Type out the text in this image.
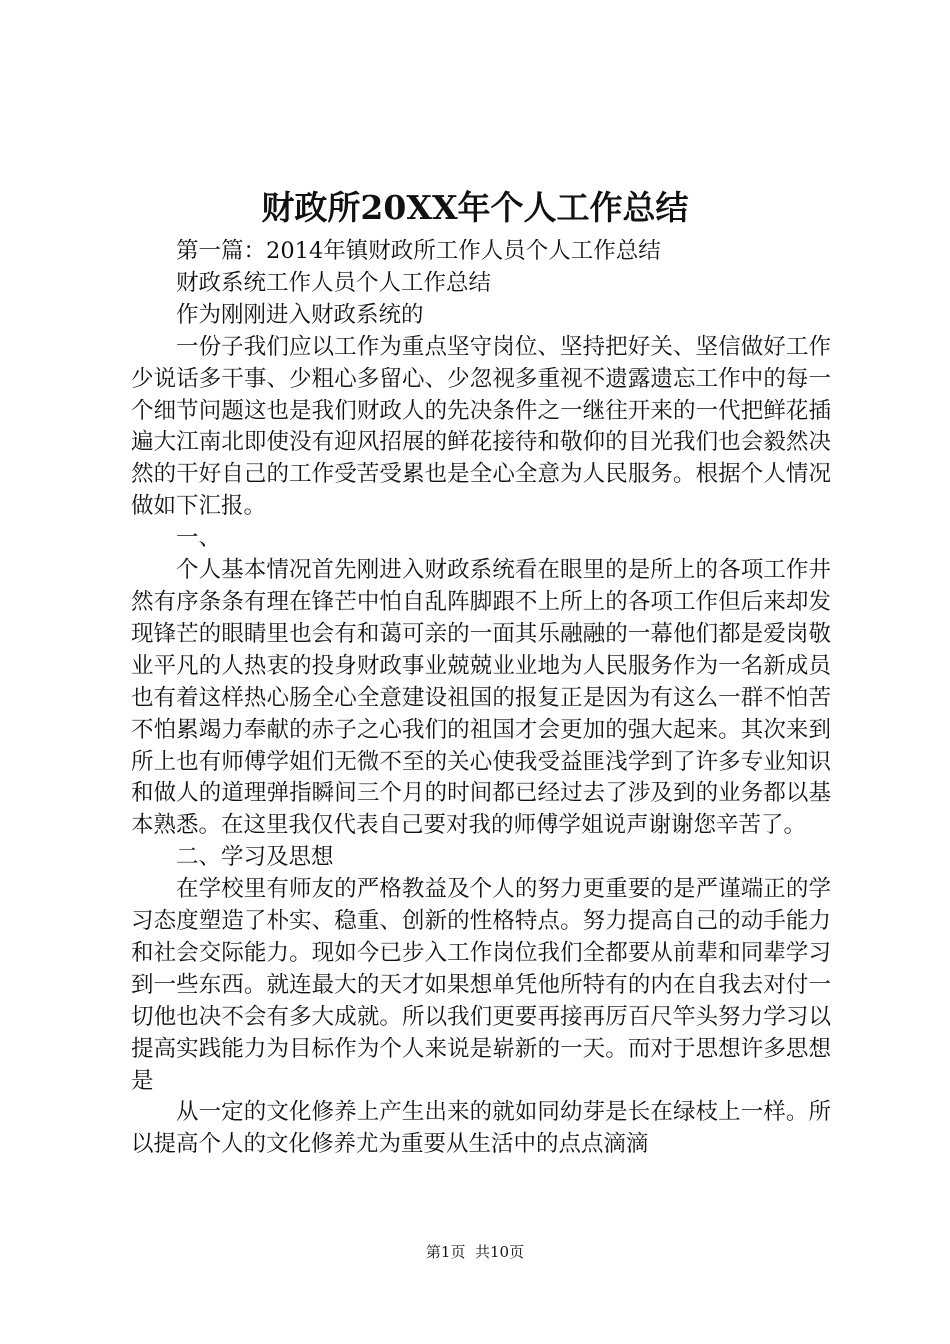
财政所20XX年个人工作总结

第一篇：2014年镇财政所工作人员个人工作总结

财政系统工作人员个人工作总结

作为刚刚进入财政系统的

一份子我们应以工作为重点坚守岗位、坚持把好关、坚信做好工作少说话多干事、少粗心多留心、少忽视多重视不遗露遗忘工作中的每一个细节问题这也是我们财政人的先决条件之一继往开来的一代把鲜花插遍大江南北即使没有迎风招展的鲜花接待和敬仰的目光我们也会毅然决然的干好自己的工作受苦受累也是全心全意为人民服务。根据个人情况做如下汇报。

一、

个人基本情况首先刚进入财政系统看在眼里的是所上的各项工作井然有序条条有理在锋芒中怕自乱阵脚跟不上所上的各项工作但后来却发现锋芒的眼睛里也会有和蔼可亲的一面其乐融融的一幕他们都是爱岗敬业平凡的人热衷的投身财政事业兢兢业业地为人民服务作为一名新成员也有着这样热心肠全心全意建设祖国的报复正是因为有这么一群不怕苦不怕累竭力奉献的赤子之心我们的祖国才会更加的强大起来。其次来到所上也有师傅学姐们无微不至的关心使我受益匪浅学到了许多专业知识和做人的道理弹指瞬间三个月的时间都已经过去了涉及到的业务都以基本熟悉。在这里我仅代表自己要对我的师傅学姐说声谢谢您辛苦了。

二、学习及思想

在学校里有师友的严格教益及个人的努力更重要的是严谨端正的学习态度塑造了朴实、稳重、创新的性格特点。努力提高自己的动手能力和社会交际能力。现如今已步入工作岗位我们全都要从前辈和同辈学习到一些东西。就连最大的天才如果想单凭他所特有的内在自我去对付一切他也决不会有多大成就。所以我们更要再接再厉百尺竿头努力学习以提高实践能力为目标作为个人来说是崭新的一天。而对于思想许多思想是

从一定的文化修养上产生出来的就如同幼芽是长在绿枝上一样。所以提高个人的文化修养尤为重要从生活中的点点滴滴

第1页 共10页
